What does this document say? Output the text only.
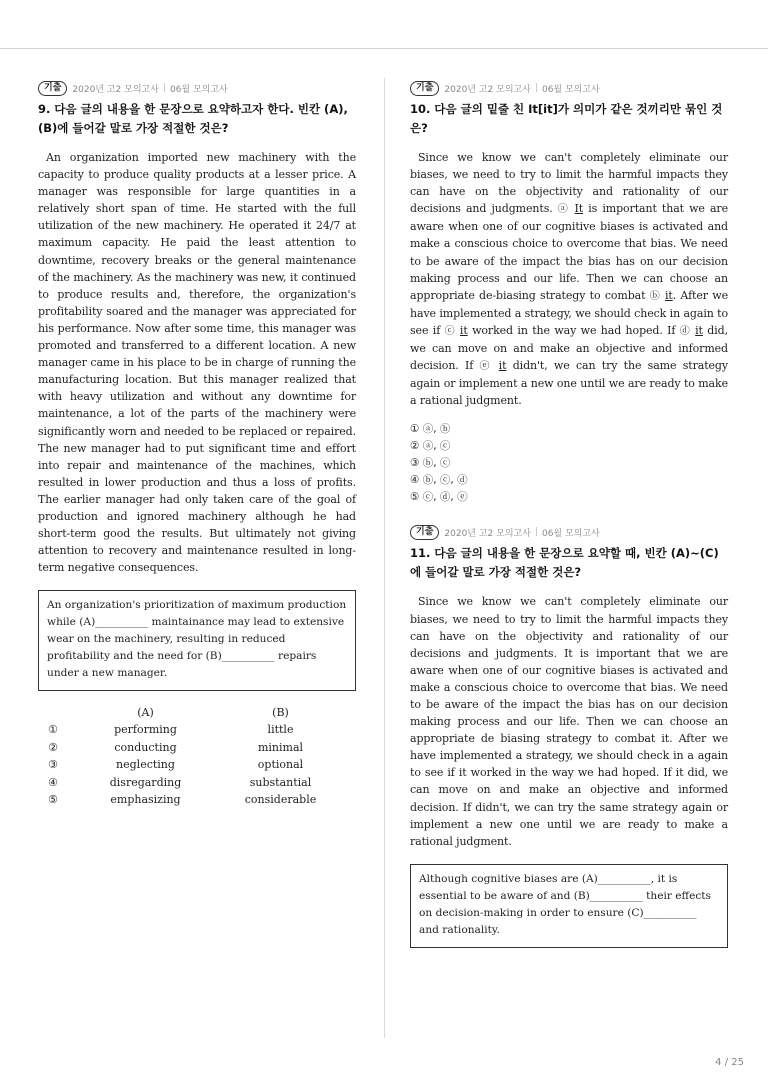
기출	2020년 고2 모의고사 | 06월 모의고사
9. 다음 글의 내용을 한 문장으로 요약하고자 한다. 빈칸 (A), (B)에 들어갈 말로 가장 적절한 것은?

An organization imported new machinery with the capacity to produce quality products at a lesser price. A manager was responsible for large quantities in a relatively short span of time. He started with the full utilization of the new machinery. He operated it 24/7 at maximum capacity. He paid the least attention to downtime, recovery breaks or the general maintenance of the machinery. As the machinery was new, it continued to produce results and, therefore, the organization's profitability soared and the manager was appreciated for his performance. Now after some time, this manager was promoted and transferred to a different location. A new manager came in his place to be in charge of running the manufacturing location. But this manager realized that with heavy utilization and without any downtime for maintenance, a lot of the parts of the machinery were significantly worn and needed to be replaced or repaired. The new manager had to put significant time and effort into repair and maintenance of the machines, which resulted in lower production and thus a loss of profits. The earlier manager had only taken care of the goal of production and ignored machinery although he had short-term good the results. But ultimately not giving attention to recovery and maintenance resulted in long-term negative consequences.

An organization's prioritization of maximum production while (A)__________ maintainance may lead to extensive wear on the machinery, resulting in reduced profitability and the need for (B)__________ repairs under a new manager.
(A)	(B)
①	performing	little
②	conducting	minimal
③	neglecting	optional
④	disregarding	substantial
⑤	emphasizing	considerable
기출	2020년 고2 모의고사 | 06월 모의고사
10. 다음 글의 밑줄 친 It[it]가 의미가 같은 것끼리만 묶인 것은?

Since we know we can't completely eliminate our biases, we need to try to limit the harmful impacts they can have on the objectivity and rationality of our decisions and judgments. ⓐ It is important that we are aware when one of our cognitive biases is activated and make a conscious choice to overcome that bias. We need to be aware of the impact the bias has on our decision making process and our life. Then we can choose an appropriate de-biasing strategy to combat ⓑ it. After we have implemented a strategy, we should check in again to see if ⓒ it worked in the way we had hoped. If ⓓ it did, we can move on and make an objective and informed decision. If ⓔ it didn't, we can try the same strategy again or implement a new one until we are ready to make a rational judgment.

① ⓐ, ⓑ
② ⓐ, ⓒ
③ ⓑ, ⓒ
④ ⓑ, ⓒ, ⓓ
⑤ ⓒ, ⓓ, ⓔ
기출	2020년 고2 모의고사 | 06월 모의고사
11. 다음 글의 내용을 한 문장으로 요약할 때, 빈칸 (A)~(C)에 들어갈 말로 가장 적절한 것은?

Since we know we can't completely eliminate our biases, we need to try to limit the harmful impacts they can have on the objectivity and rationality of our decisions and judgments. It is important that we are aware when one of our cognitive biases is activated and make a conscious choice to overcome that bias. We need to be aware of the impact the bias has on our decision making process and our life. Then we can choose an appropriate de biasing strategy to combat it. After we have implemented a strategy, we should check in a again to see if it worked in the way we had hoped. If it did, we can move on and make an objective and informed decision. If didn't, we can try the same strategy again or implement a new one until we are ready to make a rational judgment.

Although cognitive biases are (A)__________, it is essential to be aware of and (B)__________ their effects on decision-making in order to ensure (C)__________ and rationality.
4 / 25
